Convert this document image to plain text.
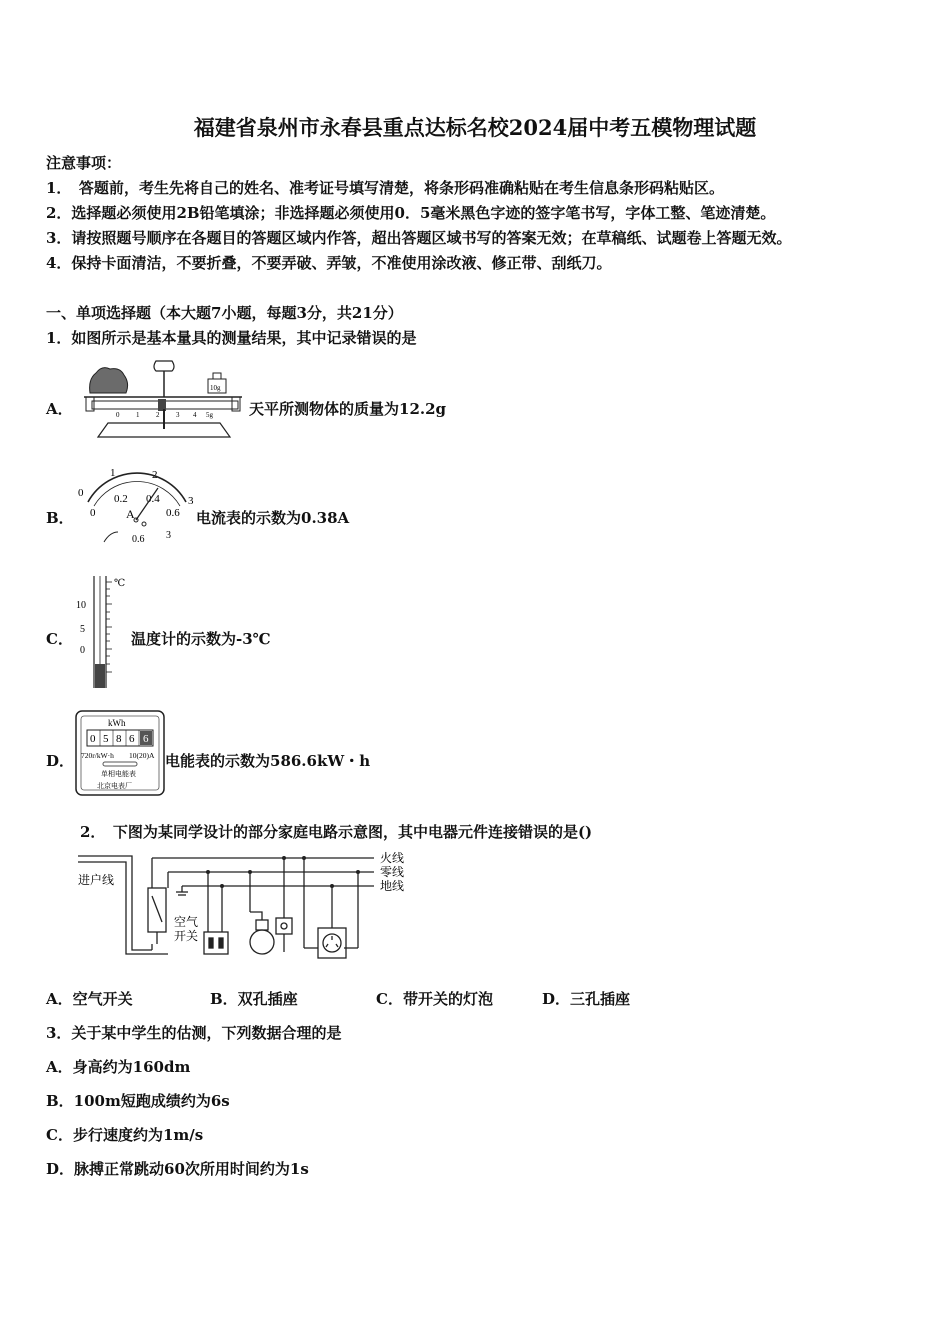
福建省泉州市永春县重点达标名校2024届中考五模物理试题
注意事项：
1．　答题前，考生先将自己的姓名、准考证号填写清楚，将条形码准确粘贴在考生信息条形码粘贴区。
2．选择题必须使用2B铅笔填涂；非选择题必须使用0．5毫米黑色字迹的签字笔书写，字体工整、笔迹清楚。
3．请按照题号顺序在各题目的答题区域内作答，超出答题区域书写的答案无效；在草稿纸、试题卷上答题无效。
4．保持卡面清洁，不要折叠，不要弄破、弄皱，不准使用涂改液、修正带、刮纸刀。
一、单项选择题（本大题7小题，每题3分，共21分）
1．如图所示是基本量具的测量结果，其中记录错误的是
A．
10g
0 1 2 3 4 5g 天平所测物体的质量为12.2g
B．
0
1	2
3
0
0.2 0.4
0.6
A
0.6 3
电流表的示数为0.38A
C．
℃
10
5
0
温度计的示数为-3℃
D．
kWh
0 5 8 6 6
720r/kW·h 10(20)A
单相电能表
北京电表厂
电能表的示数为586.6kW・h
2．　下图为某同学设计的部分家庭电路示意图，其中电器元件连接错误的是()
火线
零线
地线
进户线
空气
开关
A．空气开关	B．双孔插座	C．带开关的灯泡	D．三孔插座
3．关于某中学生的估测，下列数据合理的是
A．身高约为160dm
B．100m短跑成绩约为6s
C．步行速度约为1m/s
D．脉搏正常跳动60次所用时间约为1s
